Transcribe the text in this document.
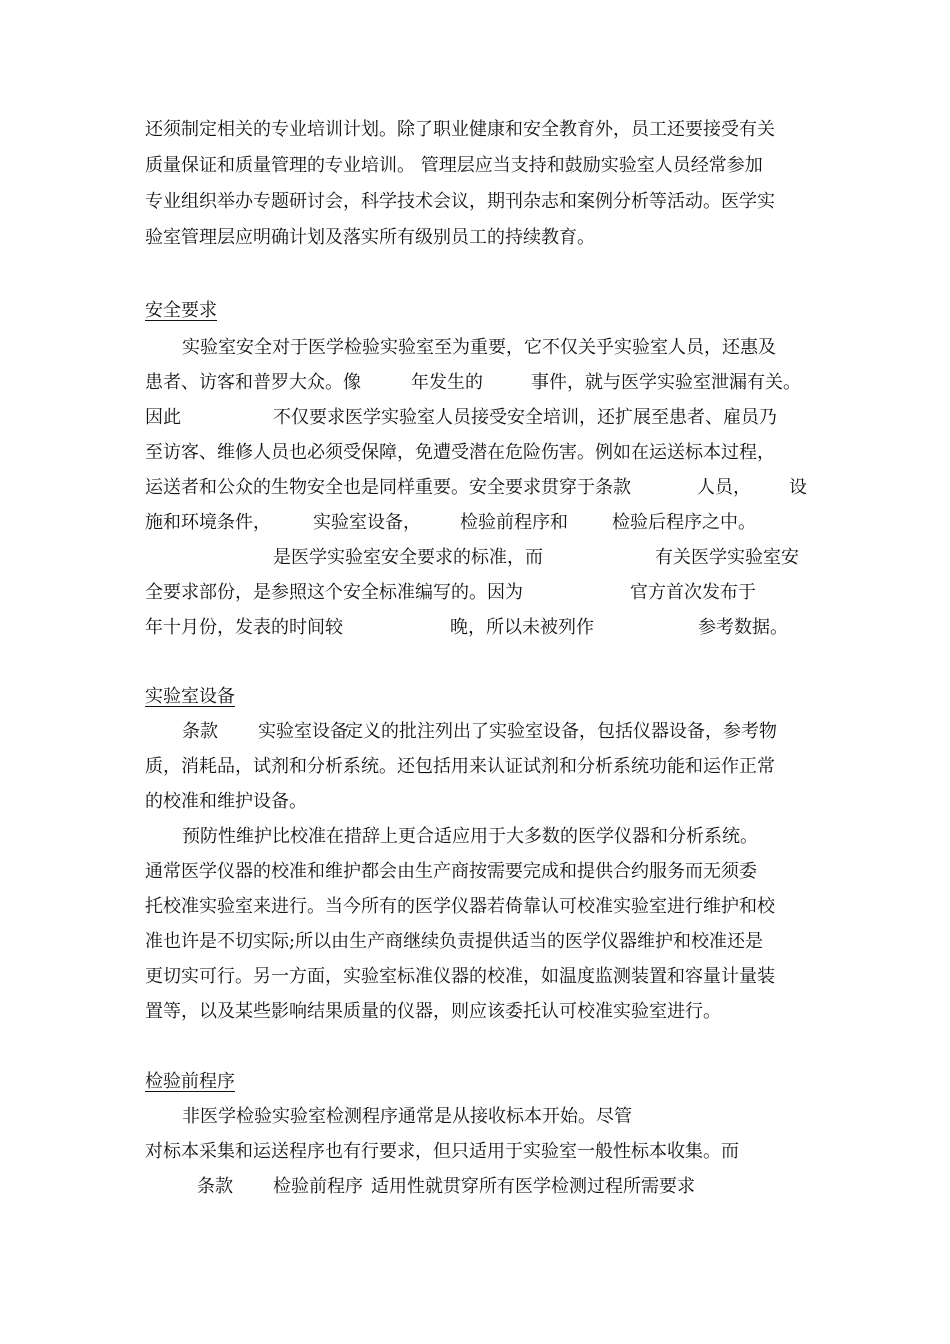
还须制定相关的专业培训计划。除了职业健康和安全教育外，员工还要接受有关
质量保证和质量管理的专业培训。 管理层应当支持和鼓励实验室人员经常参加
专业组织举办专题研讨会，科学技术会议，期刊杂志和案例分析等活动。医学实
验室管理层应明确计划及落实所有级别员工的持续教育。
安全要求
实验室安全对于医学检验实验室至为重要，它不仅关乎实验室人员，还惠及
患者、访客和普罗大众。像	年发生的	事件，就与医学实验室泄漏有关。
因此	不仅要求医学实验室人员接受安全培训，还扩展至患者、雇员乃
至访客、维修人员也必须受保障，免遭受潜在危险伤害。例如在运送标本过程，
运送者和公众的生物安全也是同样重要。安全要求贯穿于条款	人员， 设
施和环境条件， 实验室设备， 检验前程序和 检验后程序之中。
是医学实验室安全要求的标准，而	有关医学实验室安
全要求部份，是参照这个安全标准编写的。因为	官方首次发布于
年十月份，发表的时间较	晚，所以未被列作	参考数据。
实验室设备
条款 实验室设备
定义的批注列出了实验室设备，包括仪器设备，参考物
质，消耗品，试剂和分析系统。还包括用来认证试剂和分析系统功能和运作正常
的校准和维护设备。
预防性维护比校准在措辞上更合适应用于大多数的医学仪器和分析系统。
通常医学仪器的校准和维护都会由生产商按需要完成和提供合约服务而无须委
托校准实验室来进行。当今所有的医学仪器若倚靠认可校准实验室进行维护和校
准也许是不切实际;所以由生产商继续负责提供适当的医学仪器维护和校准还是
更切实可行。另一方面，实验室标准仪器的校准，如温度监测装置和容量计量装
置等，以及某些影响结果质量的仪器，则应该委托认可校准实验室进行。
检验前程序
非医学检验实验室检测程序通常是从接收标本开始。尽管
对标本采集和运送程序也有行要求，但只适用于实验室一般性标本收集。而
条款 检验前程序 适用性就贯穿所有医学检测过程所需要求
